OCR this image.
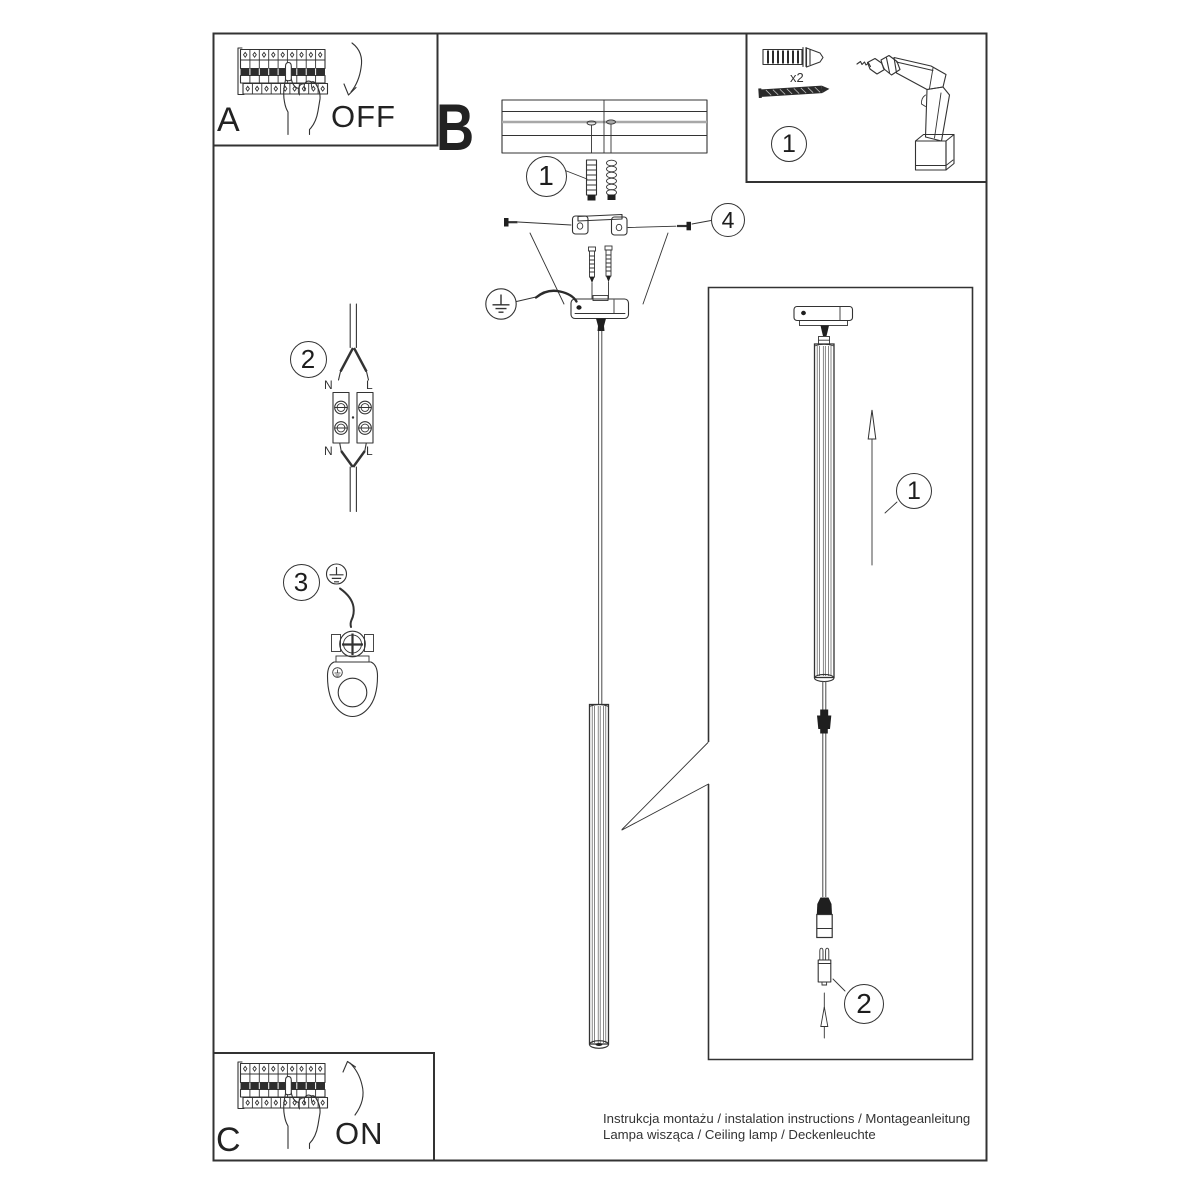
A	OFF B
C	ON
x2
N	L
N	L
1
1
4
2
3
1
2
Instrukcja montażu / instalation instructions / Montageanleitung
Lampa wisząca / Ceiling lamp / Deckenleuchte
